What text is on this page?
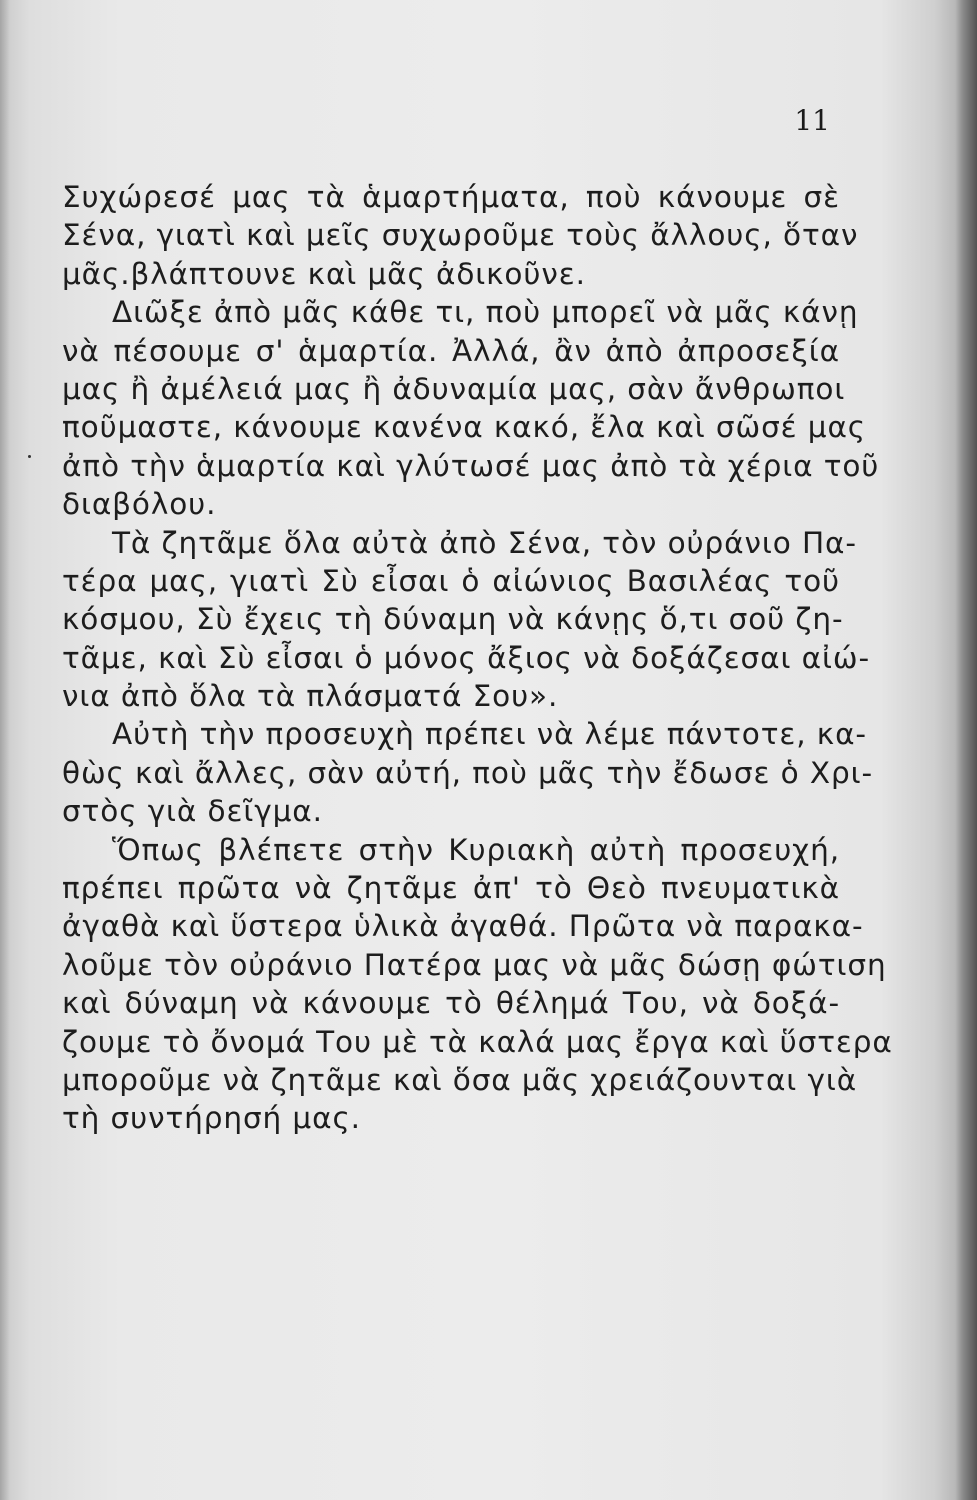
11
Συχώρεσέ μας τὰ ἁμαρτήματα, ποὺ κάνουμε σὲ
Σένα, γιατὶ καὶ μεῖς συχωροῦμε τοὺς ἄλλους, ὅταν
μᾶς.βλάπτουνε καὶ μᾶς ἀδικοῦνε.
Διῶξε ἀπὸ μᾶς κάθε τι, ποὺ μπορεῖ νὰ μᾶς κάνῃ
νὰ πέσουμε σ' ἁμαρτία. Ἀλλά, ἂν ἀπὸ ἀπροσεξία
μας ἢ ἀμέλειά μας ἢ ἀδυναμία μας, σὰν ἄνθρωποι
ποῦμαστε, κάνουμε κανένα κακό, ἔλα καὶ σῶσέ μας
ἀπὸ τὴν ἁμαρτία καὶ γλύτωσέ μας ἀπὸ τὰ χέρια τοῦ
διαβόλου.
Τὰ ζητᾶμε ὅλα αὐτὰ ἀπὸ Σένα, τὸν οὐράνιο Πα-
τέρα μας, γιατὶ Σὺ εἶσαι ὁ αἰώνιος Βασιλέας τοῦ
κόσμου, Σὺ ἔχεις τὴ δύναμη νὰ κάνῃς ὅ,τι σοῦ ζη-
τᾶμε, καὶ Σὺ εἶσαι ὁ μόνος ἄξιος νὰ δοξάζεσαι αἰώ-
νια ἀπὸ ὅλα τὰ πλάσματά Σου».
Αὐτὴ τὴν προσευχὴ πρέπει νὰ λέμε πάντοτε, κα-
θὼς καὶ ἄλλες, σὰν αὐτή, ποὺ μᾶς τὴν ἔδωσε ὁ Χρι-
στὸς γιὰ δεῖγμα.
Ὅπως βλέπετε στὴν Κυριακὴ αὐτὴ προσευχή,
πρέπει πρῶτα νὰ ζητᾶμε ἀπ' τὸ Θεὸ πνευματικὰ
ἀγαθὰ καὶ ὕστερα ὑλικὰ ἀγαθά. Πρῶτα νὰ παρακα-
λοῦμε τὸν οὐράνιο Πατέρα μας νὰ μᾶς δώσῃ φώτιση
καὶ δύναμη νὰ κάνουμε τὸ θέλημά Του, νὰ δοξά-
ζουμε τὸ ὄνομά Του μὲ τὰ καλά μας ἔργα καὶ ὕστερα
μποροῦμε νὰ ζητᾶμε καὶ ὅσα μᾶς χρειάζουνται γιὰ
τὴ συντήρησή μας.
